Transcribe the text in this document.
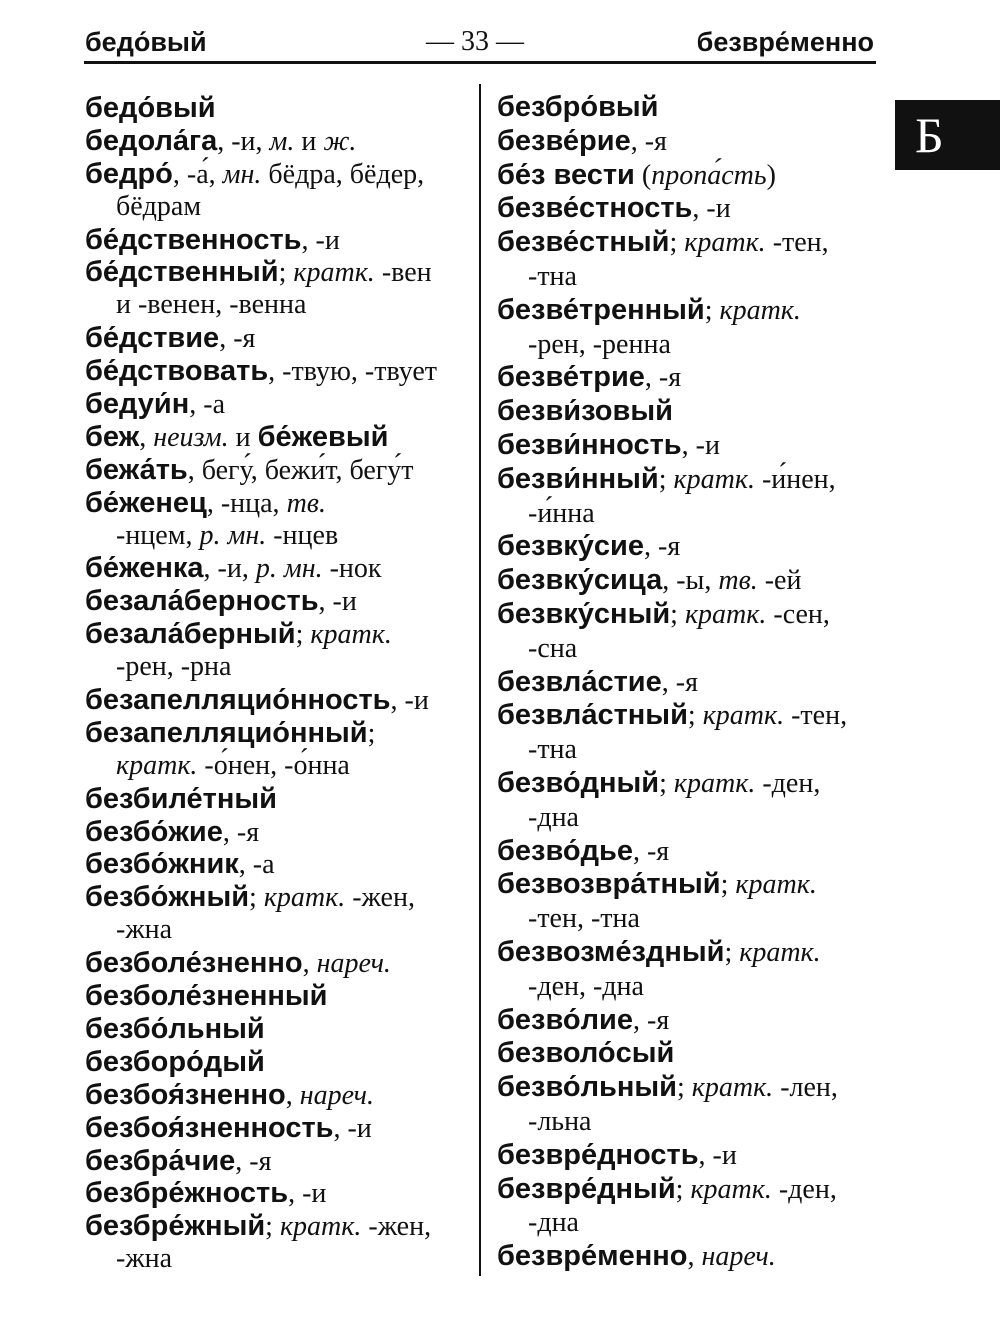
бедо́вый	— 33 —	безвре́менно
Б
бедо́вый
бедола́га, -и, м. и ж.
бедро́, -а́, мн. бёдра, бёдер,
бёдрам
бе́дственность, -и
бе́дственный; кратк. -вен
и -венен, -венна
бе́дствие, -я
бе́дствовать, -твую, -твует
бедуи́н, -а
беж, неизм. и бе́жевый
бежа́ть, бегу́, бежи́т, бегу́т
бе́женец, -нца, тв.
-нцем, р. мн. -нцев
бе́женка, -и, р. мн. -нок
безала́берность, -и
безала́берный; кратк.
-рен, -рна
безапелляцио́нность, -и
безапелляцио́нный;
кратк. -о́нен, -о́нна
безбиле́тный
безбо́жие, -я
безбо́жник, -а
безбо́жный; кратк. -жен,
-жна
безболе́зненно, нареч.
безболе́зненный
безбо́льный
безборо́дый
безбоя́зненно, нареч.
безбоя́зненность, -и
безбра́чие, -я
безбре́жность, -и
безбре́жный; кратк. -жен,
-жна
безбро́вый
безве́рие, -я
бе́з вести (пропа́сть)
безве́стность, -и
безве́стный; кратк. -тен,
-тна
безве́тренный; кратк.
-рен, -ренна
безве́трие, -я
безви́зовый
безви́нность, -и
безви́нный; кратк. -и́нен,
-и́нна
безвку́сие, -я
безвку́сица, -ы, тв. -ей
безвку́сный; кратк. -сен,
-сна
безвла́стие, -я
безвла́стный; кратк. -тен,
-тна
безво́дный; кратк. -ден,
-дна
безво́дье, -я
безвозвра́тный; кратк.
-тен, -тна
безвозме́здный; кратк.
-ден, -дна
безво́лие, -я
безволо́сый
безво́льный; кратк. -лен,
-льна
безвре́дность, -и
безвре́дный; кратк. -ден,
-дна
безвре́менно, нареч.
